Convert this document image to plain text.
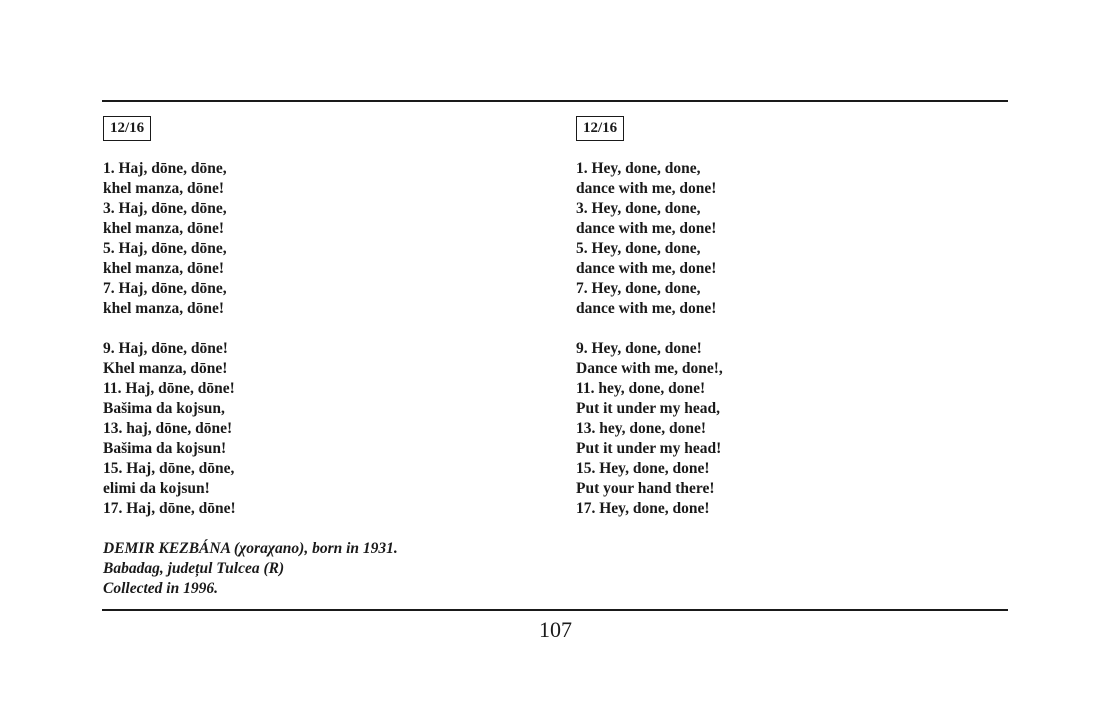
12/16
1. Haj, dōne, dōne,
khel manza, dōne!
3. Haj, dōne, dōne,
khel manza, dōne!
5. Haj, dōne, dōne,
khel manza, dōne!
7. Haj, dōne, dōne,
khel manza, dōne!
9. Haj, dōne, dōne!
Khel manza, dōne!
11. Haj, dōne, dōne!
Bašima da kojsun,
13. haj, dōne, dōne!
Bašima da kojsun!
15. Haj, dōne, dōne,
elimi da kojsun!
17. Haj, dōne, dōne!
DEMIR KEZBÁNA (χoraχano), born in 1931.
Babadag, județul Tulcea (R)
Collected in 1996.
12/16
1. Hey, done, done,
dance with me, done!
3. Hey, done, done,
dance with me, done!
5. Hey, done, done,
dance with me, done!
7. Hey, done, done,
dance with me, done!
9. Hey, done, done!
Dance with me, done!,
11. hey, done, done!
Put it under my head,
13. hey, done, done!
Put it under my head!
15. Hey, done, done!
Put your hand there!
17. Hey, done, done!
107
